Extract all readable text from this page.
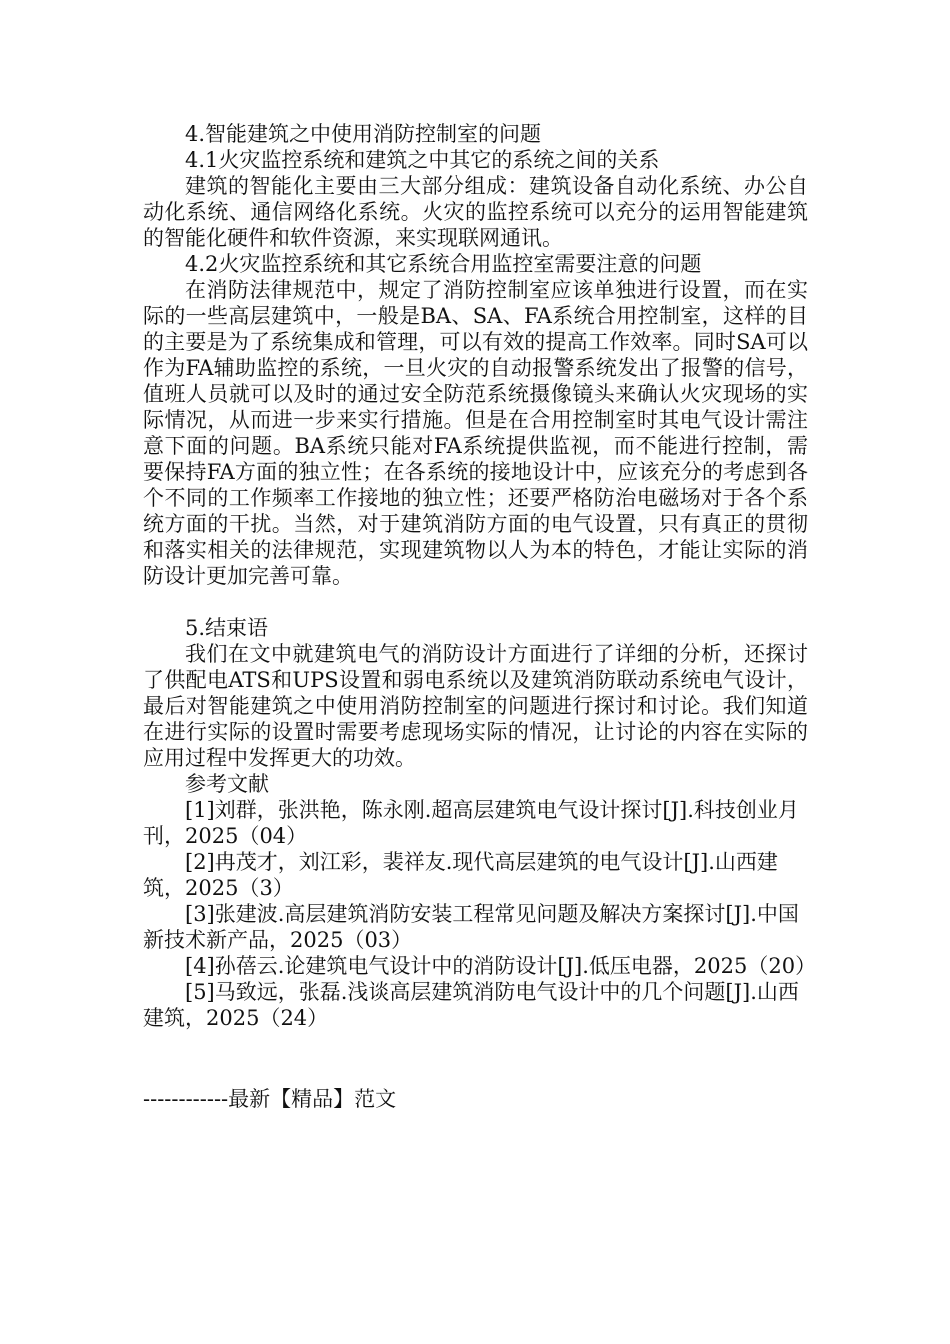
4.智能建筑之中使用消防控制室的问题

4.1火灾监控系统和建筑之中其它的系统之间的关系

建筑的智能化主要由三大部分组成：建筑设备自动化系统、办公自动化系统、通信网络化系统。火灾的监控系统可以充分的运用智能建筑的智能化硬件和软件资源，来实现联网通讯。

4.2火灾监控系统和其它系统合用监控室需要注意的问题

在消防法律规范中，规定了消防控制室应该单独进行设置，而在实际的一些高层建筑中，一般是BA、SA、FA系统合用控制室，这样的目的主要是为了系统集成和管理，可以有效的提高工作效率。同时SA可以作为FA辅助监控的系统，一旦火灾的自动报警系统发出了报警的信号，值班人员就可以及时的通过安全防范系统摄像镜头来确认火灾现场的实际情况，从而进一步来实行措施。但是在合用控制室时其电气设计需注意下面的问题。BA系统只能对FA系统提供监视，而不能进行控制，需要保持FA方面的独立性；在各系统的接地设计中，应该充分的考虑到各个不同的工作频率工作接地的独立性；还要严格防治电磁场对于各个系统方面的干扰。当然，对于建筑消防方面的电气设置，只有真正的贯彻和落实相关的法律规范，实现建筑物以人为本的特色，才能让实际的消防设计更加完善可靠。

5.结束语

我们在文中就建筑电气的消防设计方面进行了详细的分析，还探讨了供配电ATS和UPS设置和弱电系统以及建筑消防联动系统电气设计，最后对智能建筑之中使用消防控制室的问题进行探讨和讨论。我们知道在进行实际的设置时需要考虑现场实际的情况，让讨论的内容在实际的应用过程中发挥更大的功效。

参考文献

[1]刘群，张洪艳，陈永刚.超高层建筑电气设计探讨[J].科技创业月刊，2025（04）

[2]冉茂才，刘江彩，裴祥友.现代高层建筑的电气设计[J].山西建筑，2025（3）

[3]张建波.高层建筑消防安装工程常见问题及解决方案探讨[J].中国新技术新产品，2025（03）

[4]孙蓓云.论建筑电气设计中的消防设计[J].低压电器，2025（20）

[5]马致远，张磊.浅谈高层建筑消防电气设计中的几个问题[J].山西建筑，2025（24）

------------最新【精品】范文
